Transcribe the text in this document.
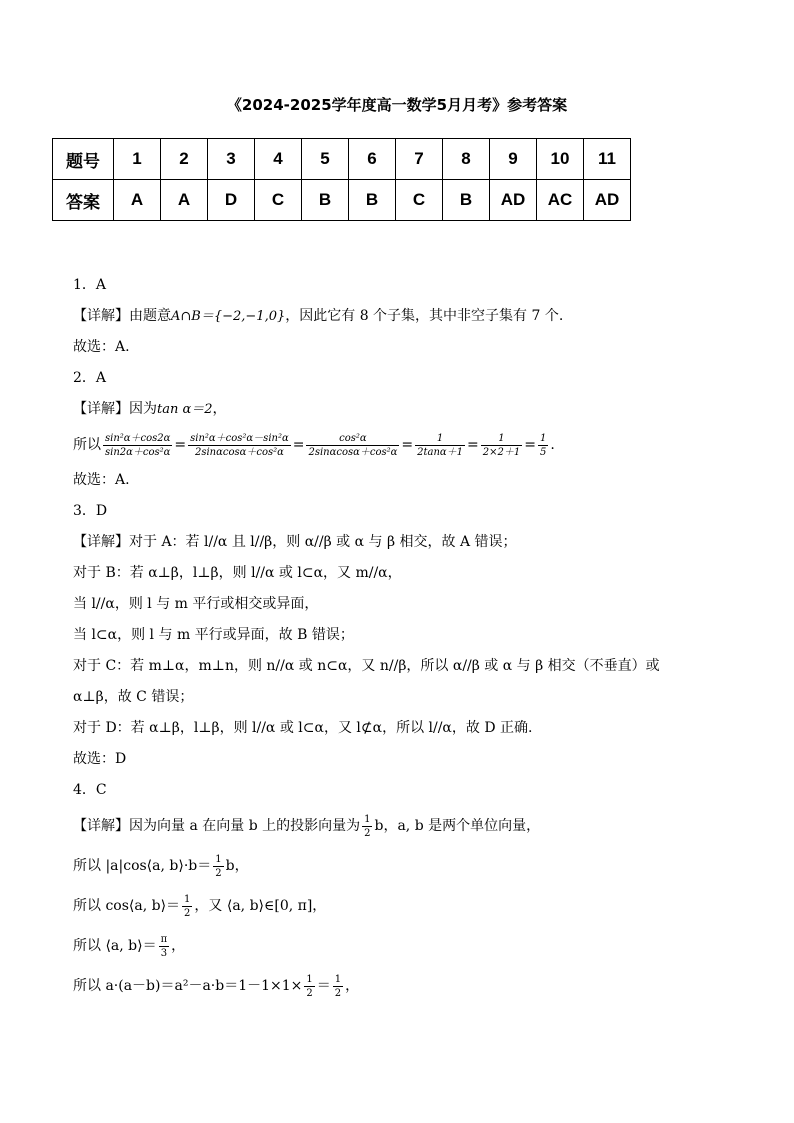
《2024-2025学年度高一数学5月月考》参考答案
题号	1	2	3	4	5	6	7	8	9	10	11
答案	A	A	D	C	B	B	C	B	AD	AC	AD
1．A
【详解】由题意A∩B＝{−2,−1,0}，因此它有 8 个子集，其中非空子集有 7 个.
故选：A.
2．A
【详解】因为tan α＝2，
所以 $\frac{\text{sin²α＋cos2α}}{\text{sin2α＋cos²α}} = \frac{\text{sin²α＋cos²α－sin²α}}{\text{2sinαcosα＋cos²α}} = \frac{\text{cos²α}}{\text{2sinαcosα＋cos²α}} = \frac{1}{2\tan\alpha+1} = \frac{1}{2\times 2+1} = \frac{1}{5}$ .
故选：A.
3．D
【详解】对于 A：若 l//α 且 l//β，则 α//β 或 α 与 β 相交，故 A 错误；
对于 B：若 α⊥β，l⊥β，则 l//α 或 l⊂α，又 m//α，
当 l//α，则 l 与 m 平行或相交或异面，
当 l⊂α，则 l 与 m 平行或异面，故 B 错误；
对于 C：若 m⊥α，m⊥n，则 n//α 或 n⊂α，又 n//β，所以 α//β 或 α 与 β 相交（不垂直）或
α⊥β，故 C 错误；
对于 D：若 α⊥β，l⊥β，则 l//α 或 l⊂α，又 l⊄α，所以 l//α，故 D 正确.
故选：D
4．C
【详解】因为向量 a 在向量 b 上的投影向量为 $\frac{1}{2}$ b，a, b 是两个单位向量，
所以 |a|cos⟨a, b⟩·b＝ $\frac{1}{2}$ b，
所以 cos⟨a, b⟩＝ $\frac{1}{2}$ ，又 ⟨a, b⟩∈[0, π]，
所以 ⟨a, b⟩＝ $\frac{\pi}{3}$ ，
所以 $a\cdot(a-b)=a^2-a\cdot b=1-1\times 1\times \frac{1}{2} = \frac{1}{2}$ ，
